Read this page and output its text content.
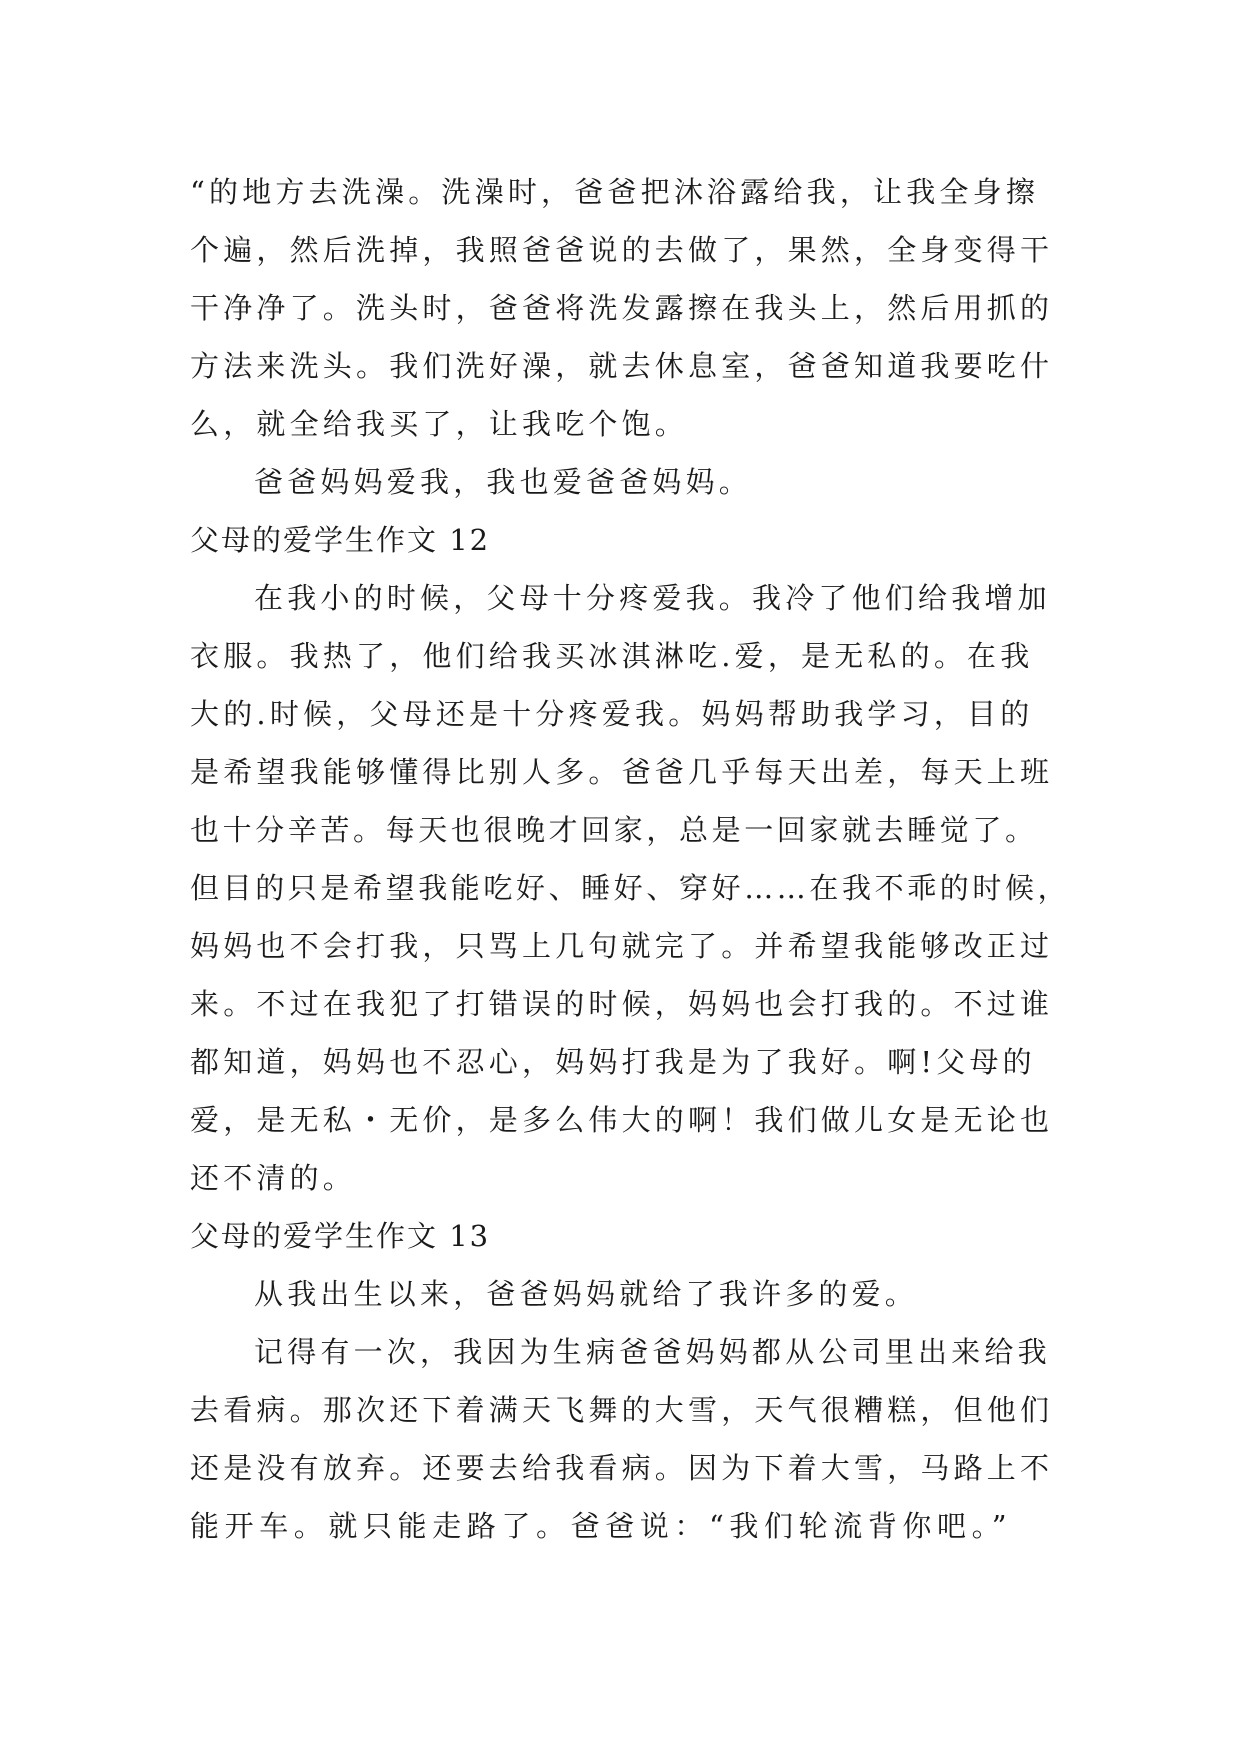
“的地方去洗澡。洗澡时，爸爸把沐浴露给我，让我全身擦
个遍，然后洗掉，我照爸爸说的去做了，果然，全身变得干
干净净了。洗头时，爸爸将洗发露擦在我头上，然后用抓的
方法来洗头。我们洗好澡，就去休息室，爸爸知道我要吃什
么，就全给我买了，让我吃个饱。
爸爸妈妈爱我，我也爱爸爸妈妈。
父母的爱学生作文 12
在我小的时候，父母十分疼爱我。我冷了他们给我增加
衣服。我热了，他们给我买冰淇淋吃.爱，是无私的。在我
大的.时候，父母还是十分疼爱我。妈妈帮助我学习，目的
是希望我能够懂得比别人多。爸爸几乎每天出差，每天上班
也十分辛苦。每天也很晚才回家，总是一回家就去睡觉了。
但目的只是希望我能吃好、睡好、穿好……在我不乖的时候，
妈妈也不会打我，只骂上几句就完了。并希望我能够改正过
来。不过在我犯了打错误的时候，妈妈也会打我的。不过谁
都知道，妈妈也不忍心，妈妈打我是为了我好。啊!父母的
爱，是无私・无价，是多么伟大的啊！我们做儿女是无论也
还不清的。
父母的爱学生作文 13
从我出生以来，爸爸妈妈就给了我许多的爱。
记得有一次，我因为生病爸爸妈妈都从公司里出来给我
去看病。那次还下着满天飞舞的大雪，天气很糟糕，但他们
还是没有放弃。还要去给我看病。因为下着大雪，马路上不
能开车。就只能走路了。爸爸说：“我们轮流背你吧。”
